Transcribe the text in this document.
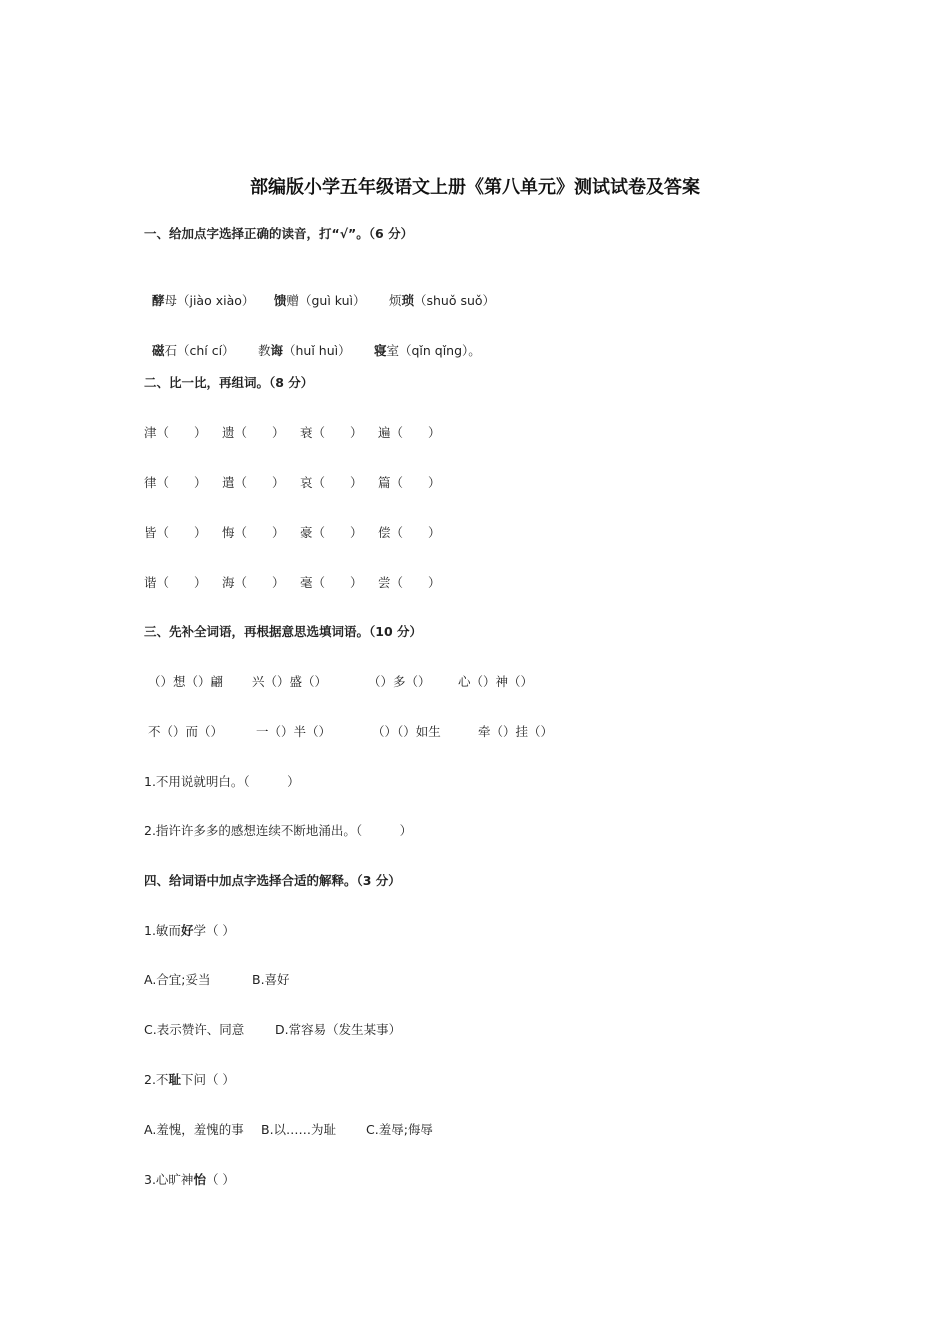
部编版小学五年级语文上册《第八单元》测试试卷及答案
一、给加点字选择正确的读音，打“√”。（6 分）

酵母（jiào xiào） 馈赠（guì kuì） 烦琐（shuǒ suǒ）

磁石（chí cí） 教诲（huǐ huì） 寝室（qǐn qǐng）。

二、比一比，再组词。（8 分）
津（　　） 遗（　　） 衰（　　） 遍（　　）
律（　　） 遣（　　） 哀（　　） 篇（　　）
皆（　　） 悔（　　） 豪（　　） 偿（　　）
谐（　　） 海（　　） 毫（　　） 尝（　　）
三、先补全词语，再根据意思选填词语。（10 分）
（）想（）翩 兴（）盛（）	（）多（） 心（）神（）
不（）而（）	一（）半（）	（）（）如生	牵（）挂（）
1.不用说就明白。（　　　）
2.指许许多多的感想连续不断地涌出。（　　　）
四、给词语中加点字选择合适的解释。（3 分）
1.敏而好学（ ）
A.合宜;妥当	B.喜好
C.表示赞许、同意 D.常容易（发生某事）
2.不耻下问（ ）
A.羞愧，羞愧的事 B.以……为耻 C.羞辱;侮辱
3.心旷神怡（ ）
